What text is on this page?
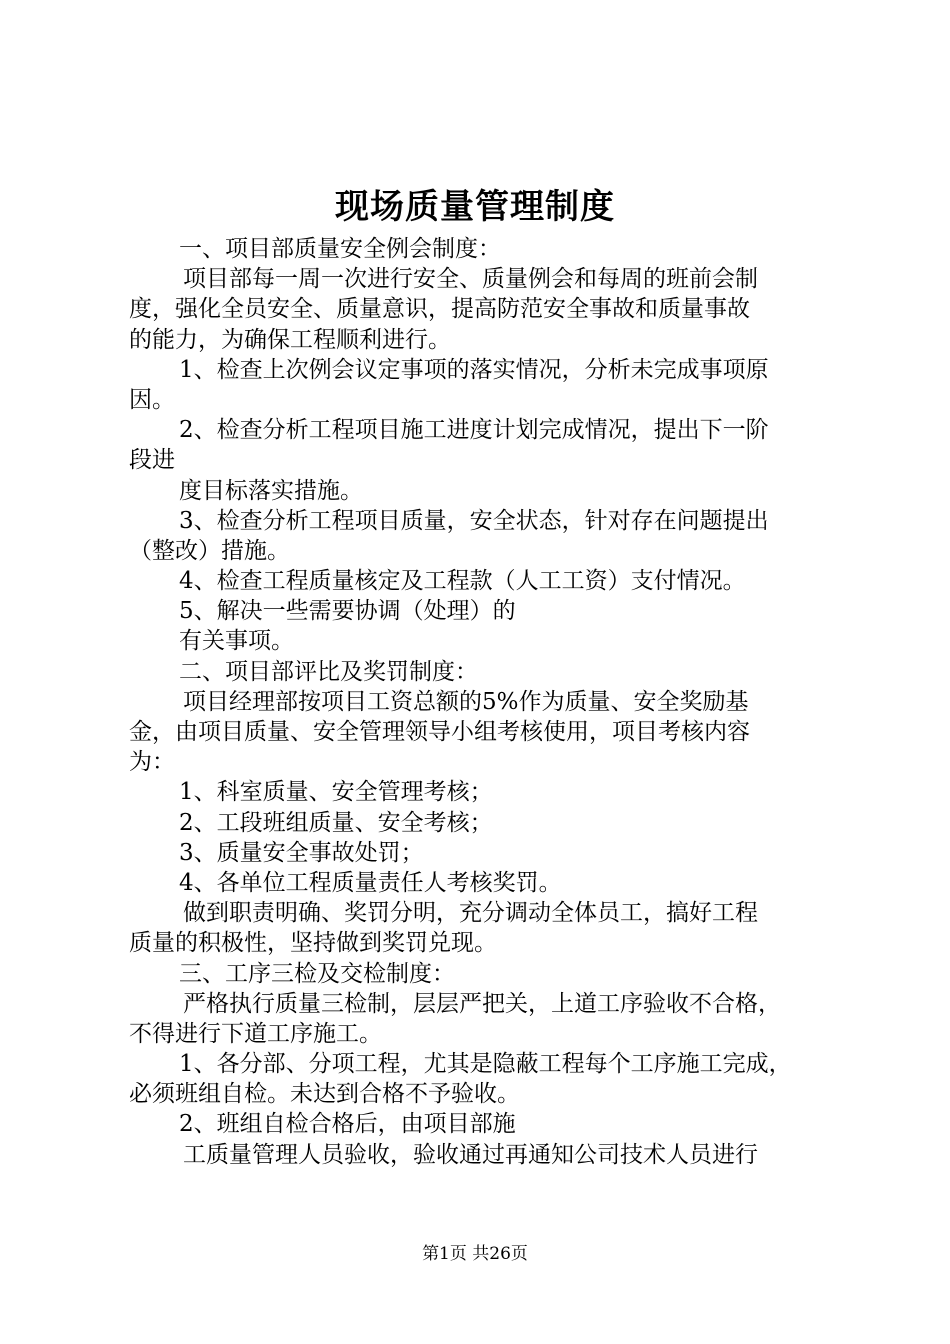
现场质量管理制度
一、项目部质量安全例会制度：
项目部每一周一次进行安全、质量例会和每周的班前会制
度，强化全员安全、质量意识，提高防范安全事故和质量事故
的能力，为确保工程顺利进行。
1、检查上次例会议定事项的落实情况，分析未完成事项原
因。
2、检查分析工程项目施工进度计划完成情况，提出下一阶
段进
度目标落实措施。
3、检查分析工程项目质量，安全状态，针对存在问题提出
（整改）措施。
4、检查工程质量核定及工程款（人工工资）支付情况。
5、解决一些需要协调（处理）的
有关事项。
二、项目部评比及奖罚制度：
项目经理部按项目工资总额的5%作为质量、安全奖励基
金，由项目质量、安全管理领导小组考核使用，项目考核内容
为：
1、科室质量、安全管理考核；
2、工段班组质量、安全考核；
3、质量安全事故处罚；
4、各单位工程质量责任人考核奖罚。
做到职责明确、奖罚分明，充分调动全体员工，搞好工程
质量的积极性，坚持做到奖罚兑现。
三、工序三检及交检制度：
严格执行质量三检制，层层严把关，上道工序验收不合格，
不得进行下道工序施工。
1、各分部、分项工程，尤其是隐蔽工程每个工序施工完成，
必须班组自检。未达到合格不予验收。
2、班组自检合格后，由项目部施
工质量管理人员验收，验收通过再通知公司技术人员进行
第1页 共26页
